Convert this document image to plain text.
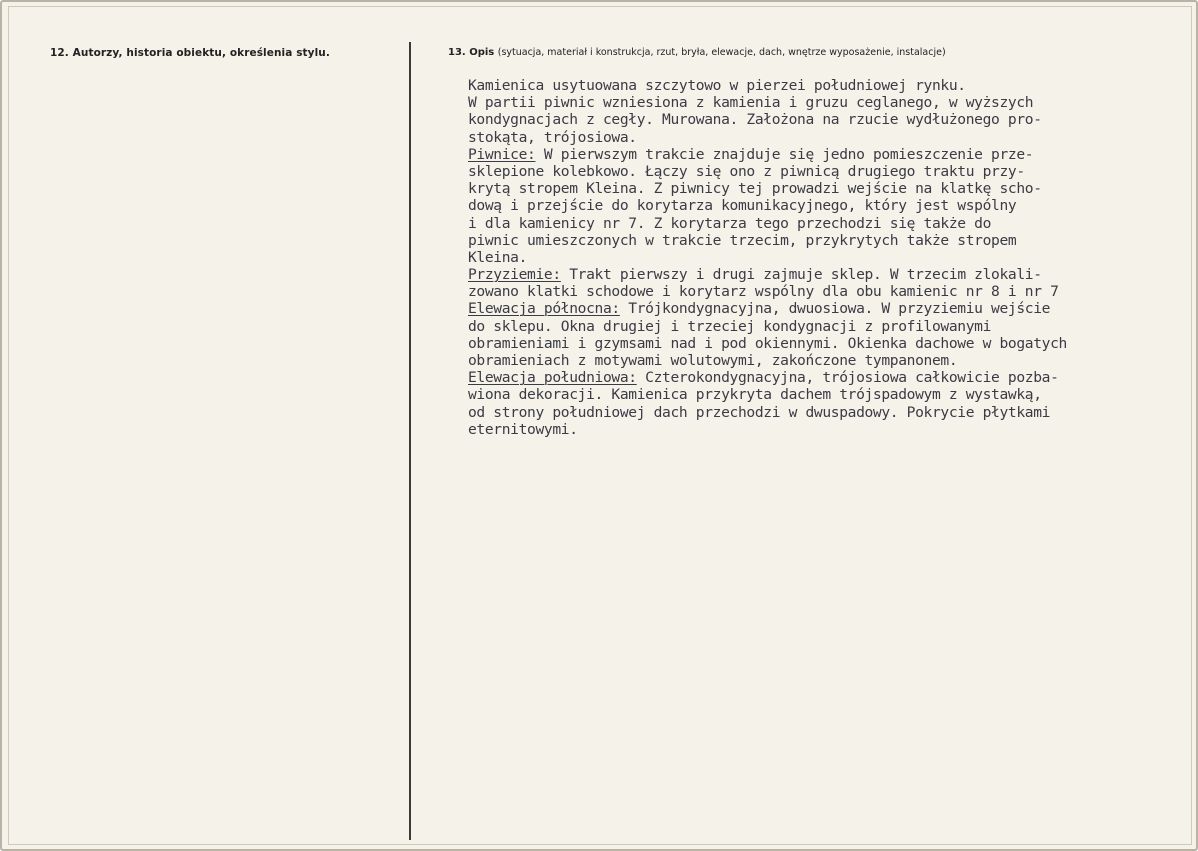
12. Autorzy, historia obiektu, określenia stylu.	13. Opis (sytuacja, materiał i konstrukcja, rzut, bryła, elewacje, dach, wnętrze wyposażenie, instalacje)
Kamienica usytuowana szczytowo w pierzei południowej rynku.
W partii piwnic wzniesiona z kamienia i gruzu ceglanego, w wyższych
kondygnacjach z cegły. Murowana. Założona na rzucie wydłużonego pro-
stokąta, trójosiowa.
Piwnice: W pierwszym trakcie znajduje się jedno pomieszczenie prze-
sklepione kolebkowo. Łączy się ono z piwnicą drugiego traktu przy-
krytą stropem Kleina. Z piwnicy tej prowadzi wejście na klatkę scho-
dową i przejście do korytarza komunikacyjnego, który jest wspólny
i dla kamienicy nr 7. Z korytarza tego przechodzi się także do
piwnic umieszczonych w trakcie trzecim, przykrytych także stropem
Kleina.
Przyziemie: Trakt pierwszy i drugi zajmuje sklep. W trzecim zlokali-
zowano klatki schodowe i korytarz wspólny dla obu kamienic nr 8 i nr 7
Elewacja północna: Trójkondygnacyjna, dwuosiowa. W przyziemiu wejście
do sklepu. Okna drugiej i trzeciej kondygnacji z profilowanymi
obramieniami i gzymsami nad i pod okiennymi. Okienka dachowe w bogatych
obramieniach z motywami wolutowymi, zakończone tympanonem.
Elewacja południowa: Czterokondygnacyjna, trójosiowa całkowicie pozba-
wiona dekoracji. Kamienica przykryta dachem trójspadowym z wystawką,
od strony południowej dach przechodzi w dwuspadowy. Pokrycie płytkami
eternitowymi.
